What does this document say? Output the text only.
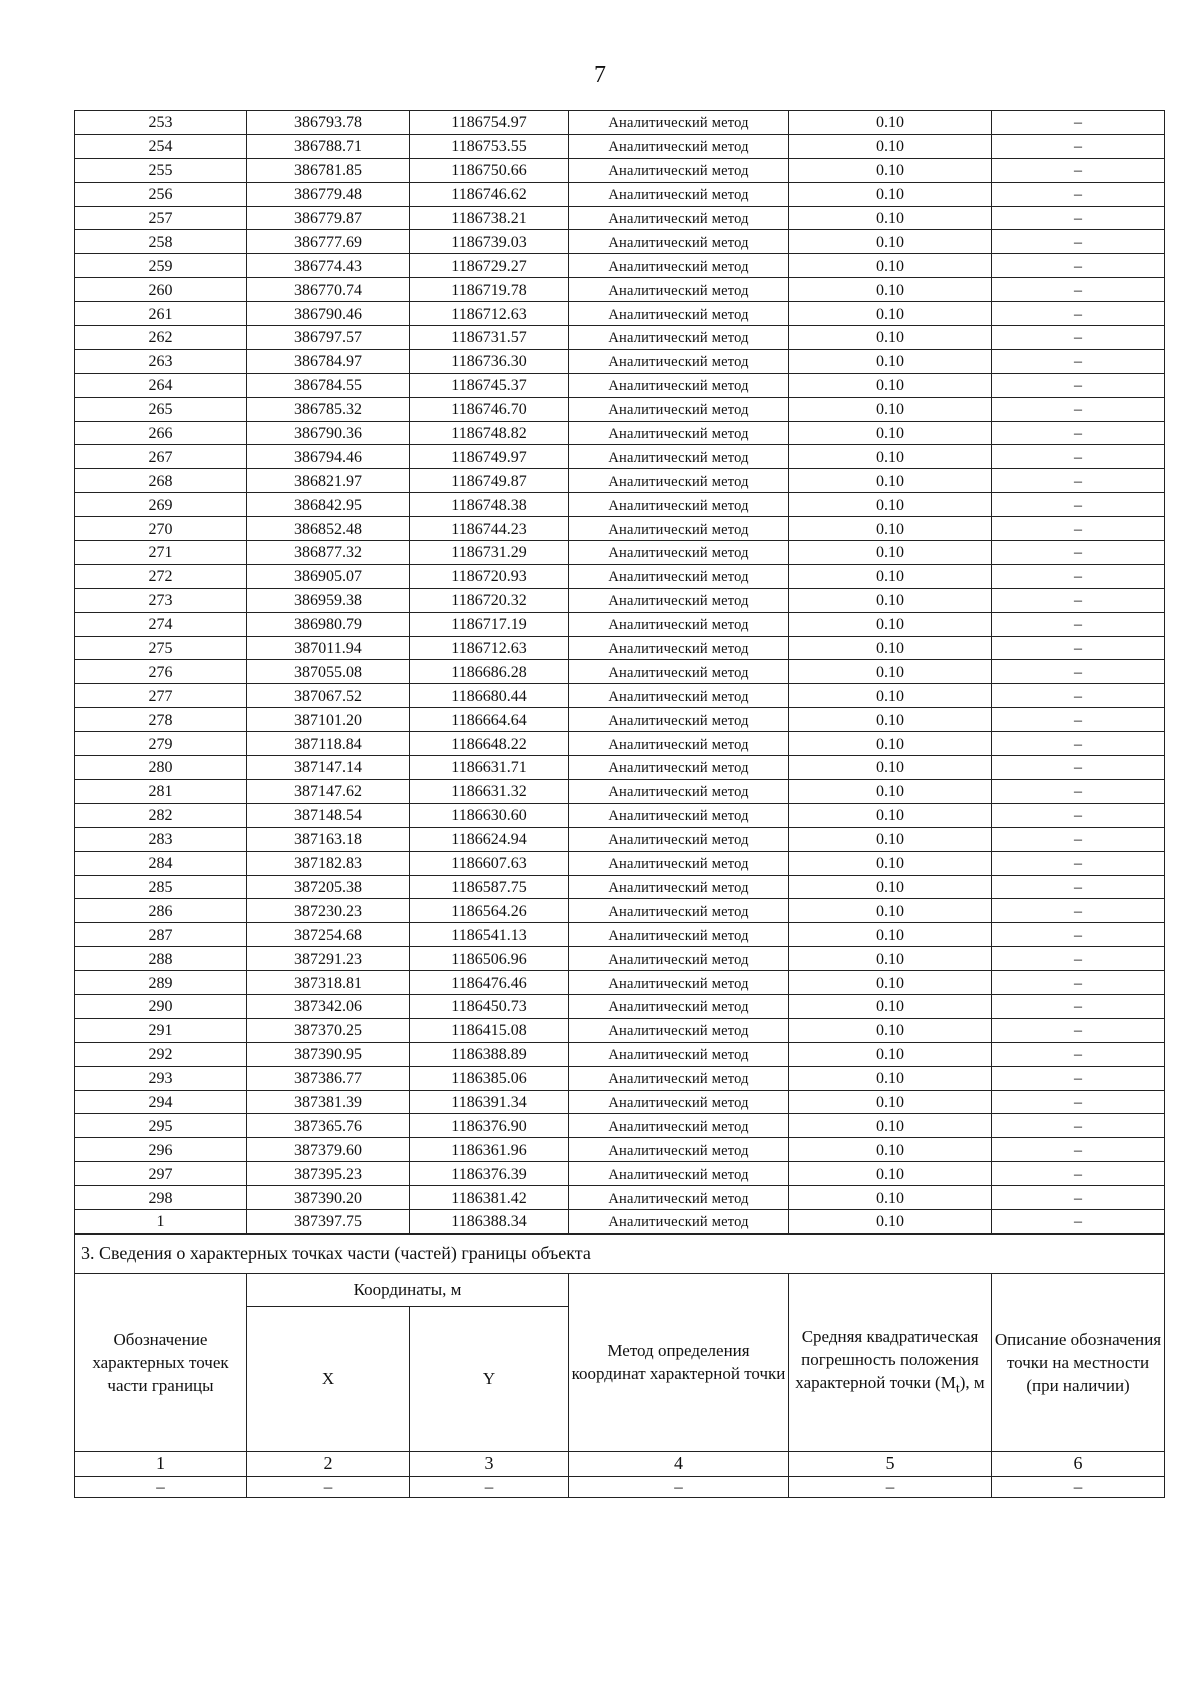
7
253	386793.78	1186754.97	Аналитический метод	0.10	–
254	386788.71	1186753.55	Аналитический метод	0.10	–
255	386781.85	1186750.66	Аналитический метод	0.10	–
256	386779.48	1186746.62	Аналитический метод	0.10	–
257	386779.87	1186738.21	Аналитический метод	0.10	–
258	386777.69	1186739.03	Аналитический метод	0.10	–
259	386774.43	1186729.27	Аналитический метод	0.10	–
260	386770.74	1186719.78	Аналитический метод	0.10	–
261	386790.46	1186712.63	Аналитический метод	0.10	–
262	386797.57	1186731.57	Аналитический метод	0.10	–
263	386784.97	1186736.30	Аналитический метод	0.10	–
264	386784.55	1186745.37	Аналитический метод	0.10	–
265	386785.32	1186746.70	Аналитический метод	0.10	–
266	386790.36	1186748.82	Аналитический метод	0.10	–
267	386794.46	1186749.97	Аналитический метод	0.10	–
268	386821.97	1186749.87	Аналитический метод	0.10	–
269	386842.95	1186748.38	Аналитический метод	0.10	–
270	386852.48	1186744.23	Аналитический метод	0.10	–
271	386877.32	1186731.29	Аналитический метод	0.10	–
272	386905.07	1186720.93	Аналитический метод	0.10	–
273	386959.38	1186720.32	Аналитический метод	0.10	–
274	386980.79	1186717.19	Аналитический метод	0.10	–
275	387011.94	1186712.63	Аналитический метод	0.10	–
276	387055.08	1186686.28	Аналитический метод	0.10	–
277	387067.52	1186680.44	Аналитический метод	0.10	–
278	387101.20	1186664.64	Аналитический метод	0.10	–
279	387118.84	1186648.22	Аналитический метод	0.10	–
280	387147.14	1186631.71	Аналитический метод	0.10	–
281	387147.62	1186631.32	Аналитический метод	0.10	–
282	387148.54	1186630.60	Аналитический метод	0.10	–
283	387163.18	1186624.94	Аналитический метод	0.10	–
284	387182.83	1186607.63	Аналитический метод	0.10	–
285	387205.38	1186587.75	Аналитический метод	0.10	–
286	387230.23	1186564.26	Аналитический метод	0.10	–
287	387254.68	1186541.13	Аналитический метод	0.10	–
288	387291.23	1186506.96	Аналитический метод	0.10	–
289	387318.81	1186476.46	Аналитический метод	0.10	–
290	387342.06	1186450.73	Аналитический метод	0.10	–
291	387370.25	1186415.08	Аналитический метод	0.10	–
292	387390.95	1186388.89	Аналитический метод	0.10	–
293	387386.77	1186385.06	Аналитический метод	0.10	–
294	387381.39	1186391.34	Аналитический метод	0.10	–
295	387365.76	1186376.90	Аналитический метод	0.10	–
296	387379.60	1186361.96	Аналитический метод	0.10	–
297	387395.23	1186376.39	Аналитический метод	0.10	–
298	387390.20	1186381.42	Аналитический метод	0.10	–
1	387397.75	1186388.34	Аналитический метод	0.10	–
3. Сведения о характерных точках части (частей) границы объекта					
Обозначение характерных точек части границы	Координаты, м		Метод определения координат характерной точки	Средняя квадратическая погрешность положения характерной точки $(M_t)$, м	Описание обозначения точки на местности (при наличии)
	X	Y			
1	2	3	4	5	6
–	–	–	–	–	–
